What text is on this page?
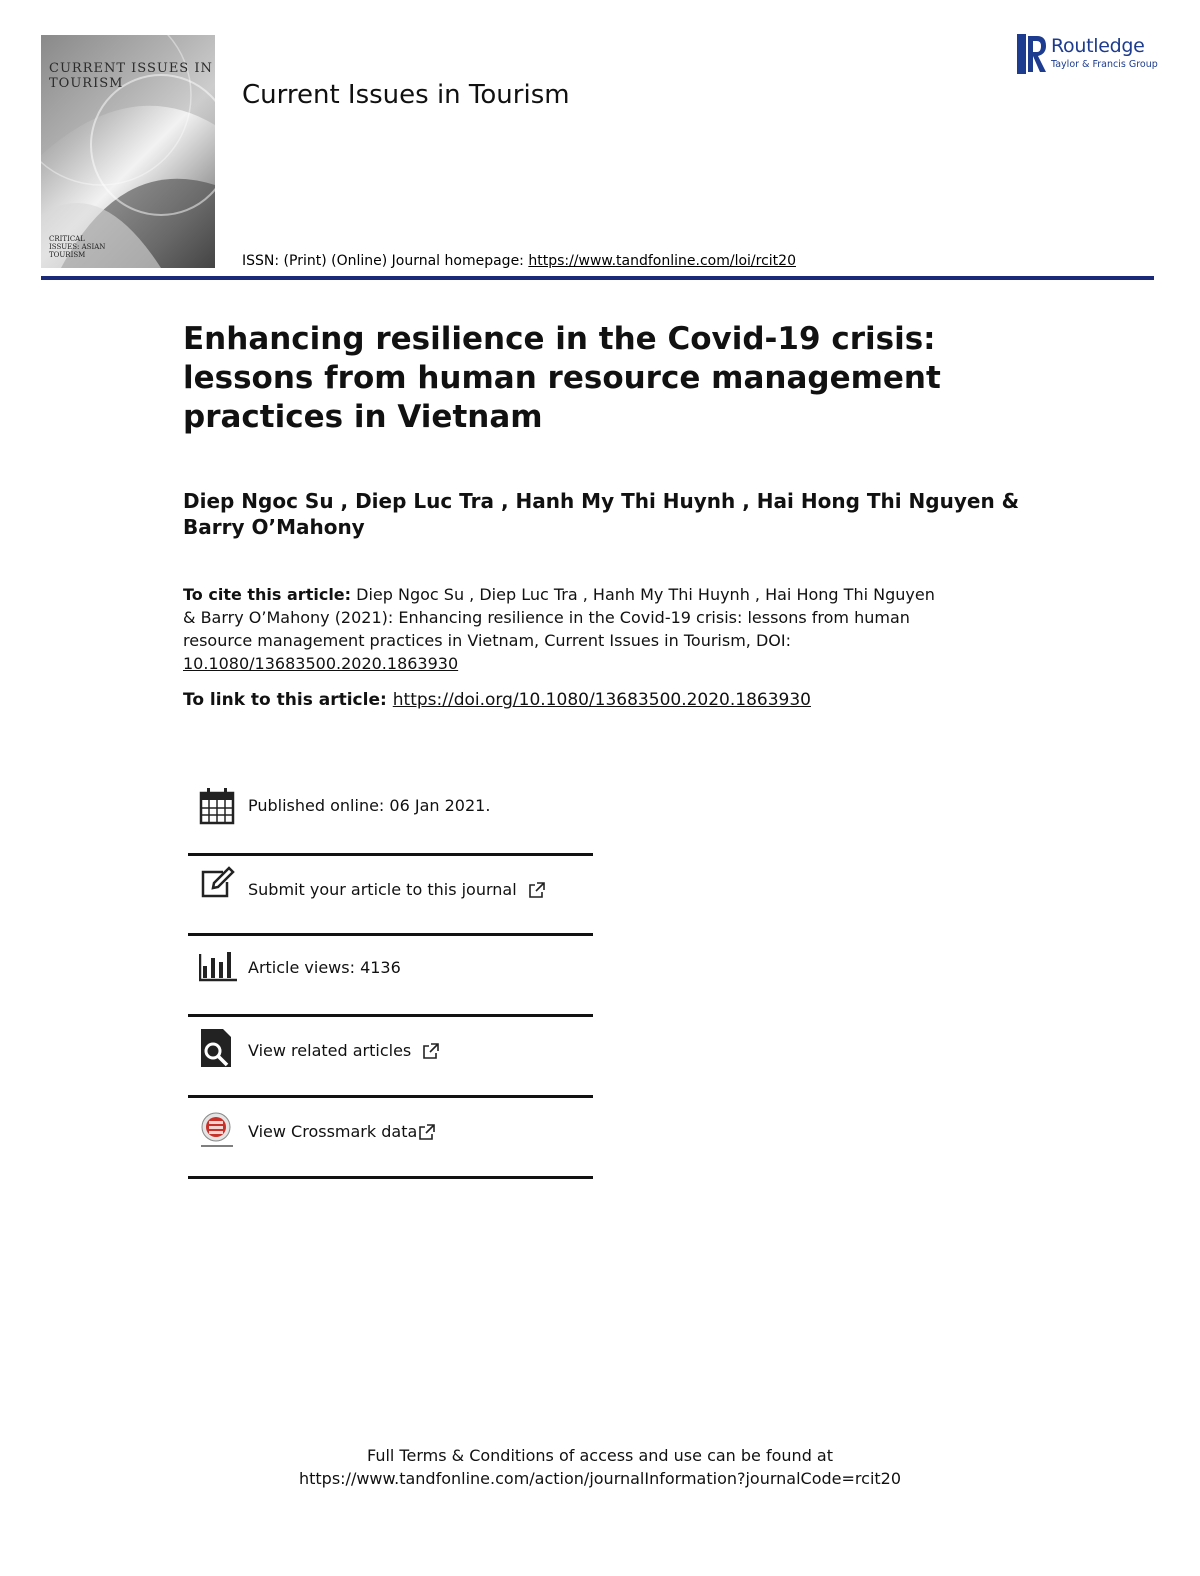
CURRENT ISSUES IN TOURISM
CRITICAL ISSUES: ASIAN TOURISM
Current Issues in Tourism
Routledge
Taylor & Francis Group
ISSN: (Print) (Online) Journal homepage: https://www.tandfonline.com/loi/rcit20
Enhancing resilience in the Covid-19 crisis: lessons from human resource management practices in Vietnam
Diep Ngoc Su , Diep Luc Tra , Hanh My Thi Huynh , Hai Hong Thi Nguyen & Barry O’Mahony
To cite this article: Diep Ngoc Su , Diep Luc Tra , Hanh My Thi Huynh , Hai Hong Thi Nguyen & Barry O’Mahony (2021): Enhancing resilience in the Covid-19 crisis: lessons from human resource management practices in Vietnam, Current Issues in Tourism, DOI: 10.1080/13683500.2020.1863930
To link to this article: https://doi.org/10.1080/13683500.2020.1863930
Published online: 06 Jan 2021.
Submit your article to this journal
Article views: 4136
View related articles
View Crossmark data
Full Terms & Conditions of access and use can be found at
https://www.tandfonline.com/action/journalInformation?journalCode=rcit20
